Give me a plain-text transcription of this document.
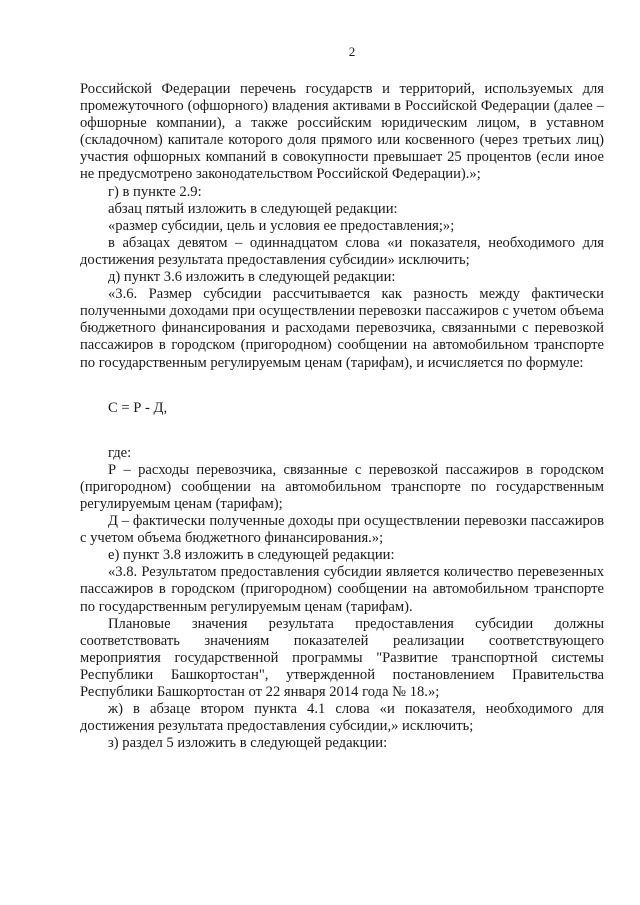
2

Российской Федерации перечень государств и территорий, используемых для промежуточного (офшорного) владения активами в Российской Федерации (далее – офшорные компании), а также российским юридическим лицом, в уставном (складочном) капитале которого доля прямого или косвенного (через третьих лиц) участия офшорных компаний в совокупности превышает 25 процентов (если иное не предусмотрено законодательством Российской Федерации).»;

г) в пункте 2.9:

абзац пятый изложить в следующей редакции:

«размер субсидии, цель и условия ее предоставления;»;

в абзацах девятом – одиннадцатом слова «и показателя, необходимого для достижения результата предоставления субсидии» исключить;

д) пункт 3.6 изложить в следующей редакции:

«3.6. Размер субсидии рассчитывается как разность между фактически полученными доходами при осуществлении перевозки пассажиров с учетом объема бюджетного финансирования и расходами перевозчика, связанными с перевозкой пассажиров в городском (пригородном) сообщении на автомобильном транспорте по государственным регулируемым ценам (тарифам), и исчисляется по формуле:

С = Р - Д,

где:

Р – расходы перевозчика, связанные с перевозкой пассажиров в городском (пригородном) сообщении на автомобильном транспорте по государственным регулируемым ценам (тарифам);

Д – фактически полученные доходы при осуществлении перевозки пассажиров с учетом объема бюджетного финансирования.»;

е) пункт 3.8 изложить в следующей редакции:

«3.8. Результатом предоставления субсидии является количество перевезенных пассажиров в городском (пригородном) сообщении на автомобильном транспорте по государственным регулируемым ценам (тарифам).

Плановые значения результата предоставления субсидии должны соответствовать значениям показателей реализации соответствующего мероприятия государственной программы "Развитие транспортной системы Республики Башкортостан", утвержденной постановлением Правительства Республики Башкортостан от 22 января 2014 года № 18.»;

ж) в абзаце втором пункта 4.1 слова «и показателя, необходимого для достижения результата предоставления субсидии,» исключить;

з) раздел 5 изложить в следующей редакции:
